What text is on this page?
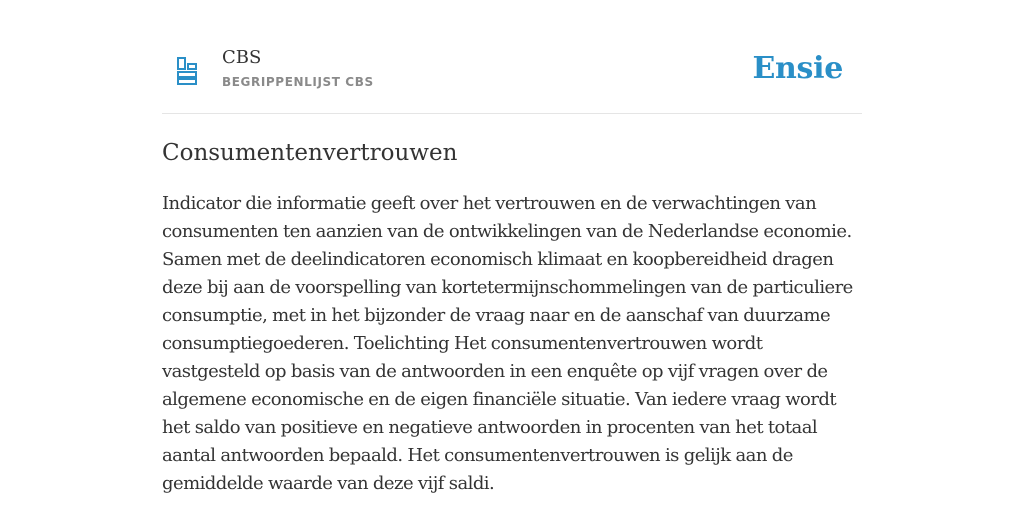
CBS
BEGRIPPENLIJST CBS	Ensie
Consumentenvertrouwen

Indicator die informatie geeft over het vertrouwen en de verwachtingen van consumenten ten aanzien van de ontwikkelingen van de Nederlandse economie. Samen met de deelindicatoren economisch klimaat en koopbereidheid dragen deze bij aan de voorspelling van kortetermijnschommelingen van de particuliere consumptie, met in het bijzonder de vraag naar en de aanschaf van duurzame consumptiegoederen. Toelichting Het consumentenvertrouwen wordt vastgesteld op basis van de antwoorden in een enquête op vijf vragen over de algemene economische en de eigen financiële situatie. Van iedere vraag wordt het saldo van positieve en negatieve antwoorden in procenten van het totaal aantal antwoorden bepaald. Het consumentenvertrouwen is gelijk aan de gemiddelde waarde van deze vijf saldi.
